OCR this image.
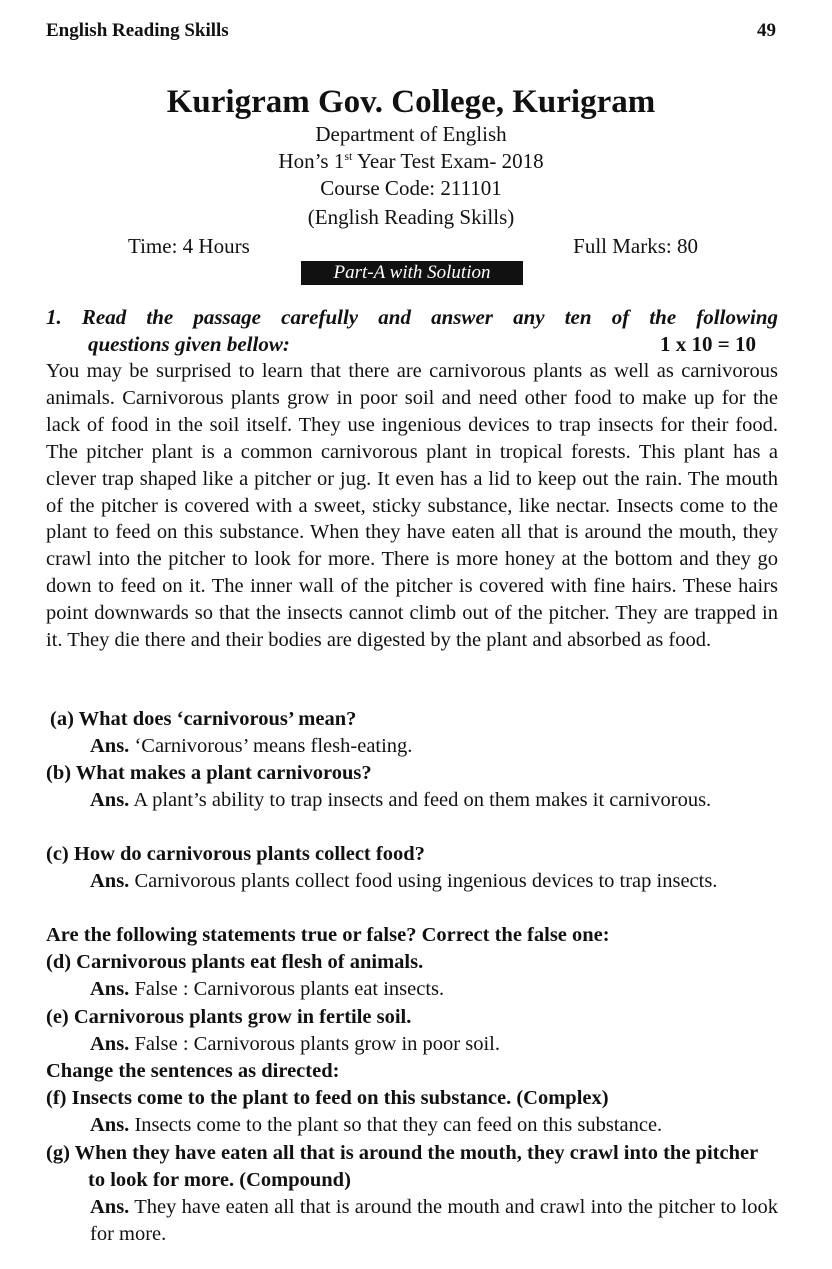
English Reading Skills	49
Kurigram Gov. College, Kurigram
Department of English
Hon’s 1st Year Test Exam- 2018
Course Code: 211101
(English Reading Skills)
Time: 4 Hours	Full Marks: 80
Part-A with Solution
1. Read the passage carefully and answer any ten of the following
questions given bellow:	1 x 10 = 10
You may be surprised to learn that there are carnivorous plants as well as carnivorous animals. Carnivorous plants grow in poor soil and need other food to make up for the lack of food in the soil itself. They use ingenious devices to trap insects for their food. The pitcher plant is a common carnivorous plant in tropical forests. This plant has a clever trap shaped like a pitcher or jug. It even has a lid to keep out the rain. The mouth of the pitcher is covered with a sweet, sticky substance, like nectar. Insects come to the plant to feed on this substance. When they have eaten all that is around the mouth, they crawl into the pitcher to look for more. There is more honey at the bottom and they go down to feed on it. The inner wall of the pitcher is covered with fine hairs. These hairs point downwards so that the insects cannot climb out of the pitcher. They are trapped in it. They die there and their bodies are digested by the plant and absorbed as food.
(a) What does ‘carnivorous’ mean?
Ans. ‘Carnivorous’ means flesh-eating.
(b) What makes a plant carnivorous?
Ans. A plant’s ability to trap insects and feed on them makes it carnivorous.
(c) How do carnivorous plants collect food?
Ans. Carnivorous plants collect food using ingenious devices to trap insects.
Are the following statements true or false? Correct the false one:
(d) Carnivorous plants eat flesh of animals.
Ans. False : Carnivorous plants eat insects.
(e) Carnivorous plants grow in fertile soil.
Ans. False : Carnivorous plants grow in poor soil.
Change the sentences as directed:
(f) Insects come to the plant to feed on this substance. (Complex)
Ans. Insects come to the plant so that they can feed on this substance.
(g) When they have eaten all that is around the mouth, they crawl into the pitcher to look for more. (Compound)
Ans. They have eaten all that is around the mouth and crawl into the pitcher to look for more.
